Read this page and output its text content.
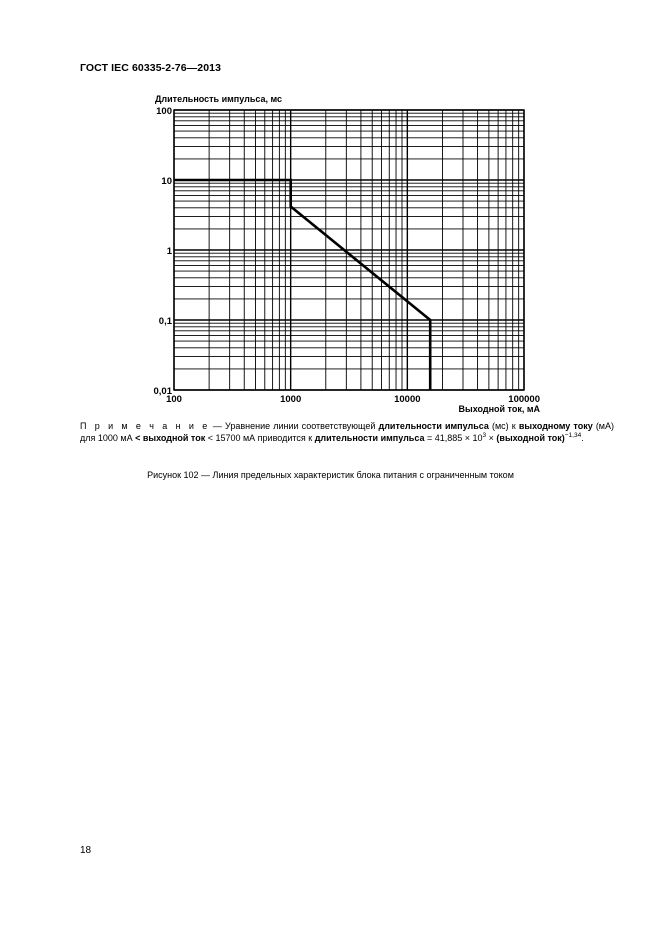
ГОСТ IEC 60335-2-76—2013
100	1000	10000	100000
100
10
1
0,1
0,01
Длительность импульса, мс
Выходной ток, мА
П р и м е ч а н и е — Уравнение линии соответствующей длительности импульса (мс) к выходному току (мА) для 1000 мА < выходной ток < 15700 мА приводится к длительности импульса = $41,885 \times 10^3$ × (выходной ток)$^{-1,34}$.
Рисунок 102 — Линия предельных характеристик блока питания с ограниченным током
18
